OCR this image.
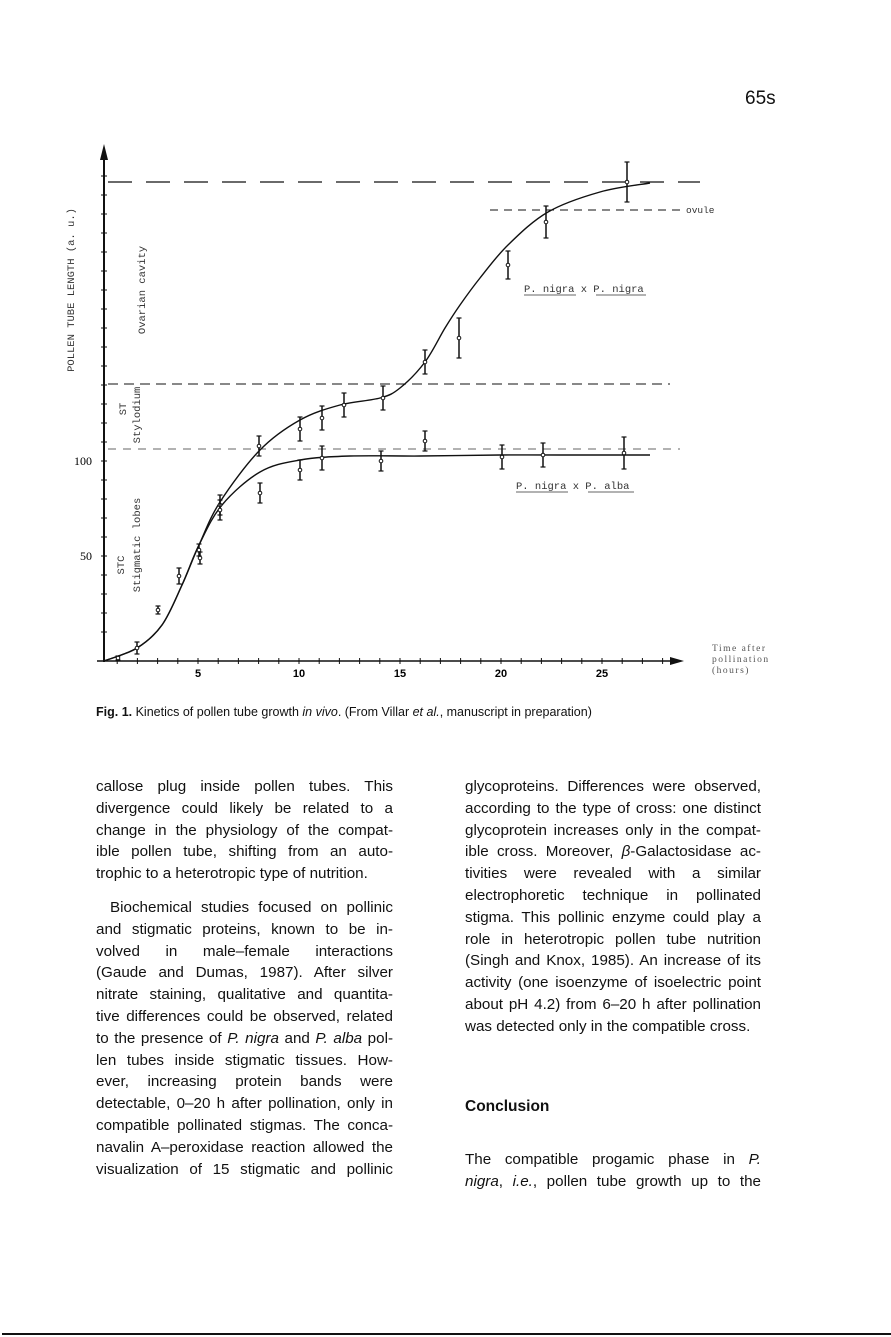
65s
5	10	15	20	25
50
100
POLLEN TUBE LENGTH (a. u.)
Time after
pollination
(hours)
ovule
Ovarian cavity
ST Stylodium
STC Stigmatic lobes
P. nigra x P. nigra
P. nigra x P. alba
Fig. 1. Kinetics of pollen tube growth in vivo. (From Villar et al., manuscript in preparation)

callose plug inside pollen tubes. This
divergence could likely be related to a
change in the physiology of the compat-
ible pollen tube, shifting from an auto-
trophic to a heterotropic type of nutrition.

Biochemical studies focused on pollinic
and stigmatic proteins, known to be in-
volved in male–female interactions
(Gaude and Dumas, 1987). After silver
nitrate staining, qualitative and quantita-
tive differences could be observed, related
to the presence of P. nigra and P. alba pol-
len tubes inside stigmatic tissues. How-
ever, increasing protein bands were
detectable, 0–20 h after pollination, only in
compatible pollinated stigmas. The conca-
navalin A–peroxidase reaction allowed the
visualization of 15 stigmatic and pollinic

glycoproteins. Differences were observed,
according to the type of cross: one distinct
glycoprotein increases only in the compat-
ible cross. Moreover, β-Galactosidase ac-
tivities were revealed with a similar
electrophoretic technique in pollinated
stigma. This pollinic enzyme could play a
role in heterotropic pollen tube nutrition
(Singh and Knox, 1985). An increase of its
activity (one isoenzyme of isoelectric point
about pH 4.2) from 6–20 h after pollination
was detected only in the compatible cross.

Conclusion

The compatible progamic phase in P.
nigra, i.e., pollen tube growth up to the
